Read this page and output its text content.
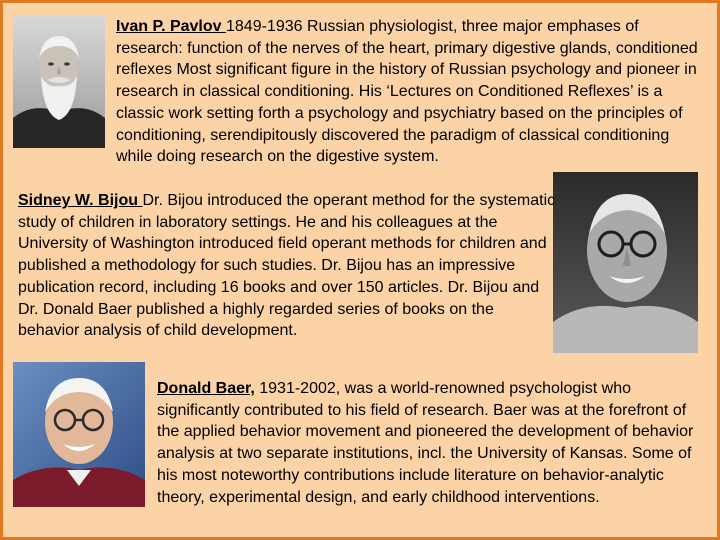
Ivan P. Pavlov 1849-1936 Russian physiologist, three major emphases of research: function of the nerves of the heart, primary digestive glands, conditioned reflexes Most significant figure in the history of Russian psychology and pioneer in research in classical conditioning. His ‘Lectures on Conditioned Reflexes’ is a classic work setting forth a psychology and psychiatry based on the principles of conditioning, serendipitously discovered the paradigm of classical conditioning while doing research on the digestive system.

Sidney W. Bijou Dr. Bijou introduced the operant method for the systematic study of children in laboratory settings. He and his colleagues at the University of Washington introduced field operant methods for children and published a methodology for such studies. Dr. Bijou has an impressive publication record, including 16 books and over 150 articles. Dr. Bijou and Dr. Donald Baer published a highly regarded series of books on the behavior analysis of child development.

Donald Baer, 1931-2002, was a world-renowned psychologist who significantly contributed to his field of research. Baer was at the forefront of the applied behavior movement and pioneered the development of behavior analysis at two separate institutions, incl. the University of Kansas. Some of his most noteworthy contributions include literature on behavior-analytic theory, experimental design, and early childhood interventions.
